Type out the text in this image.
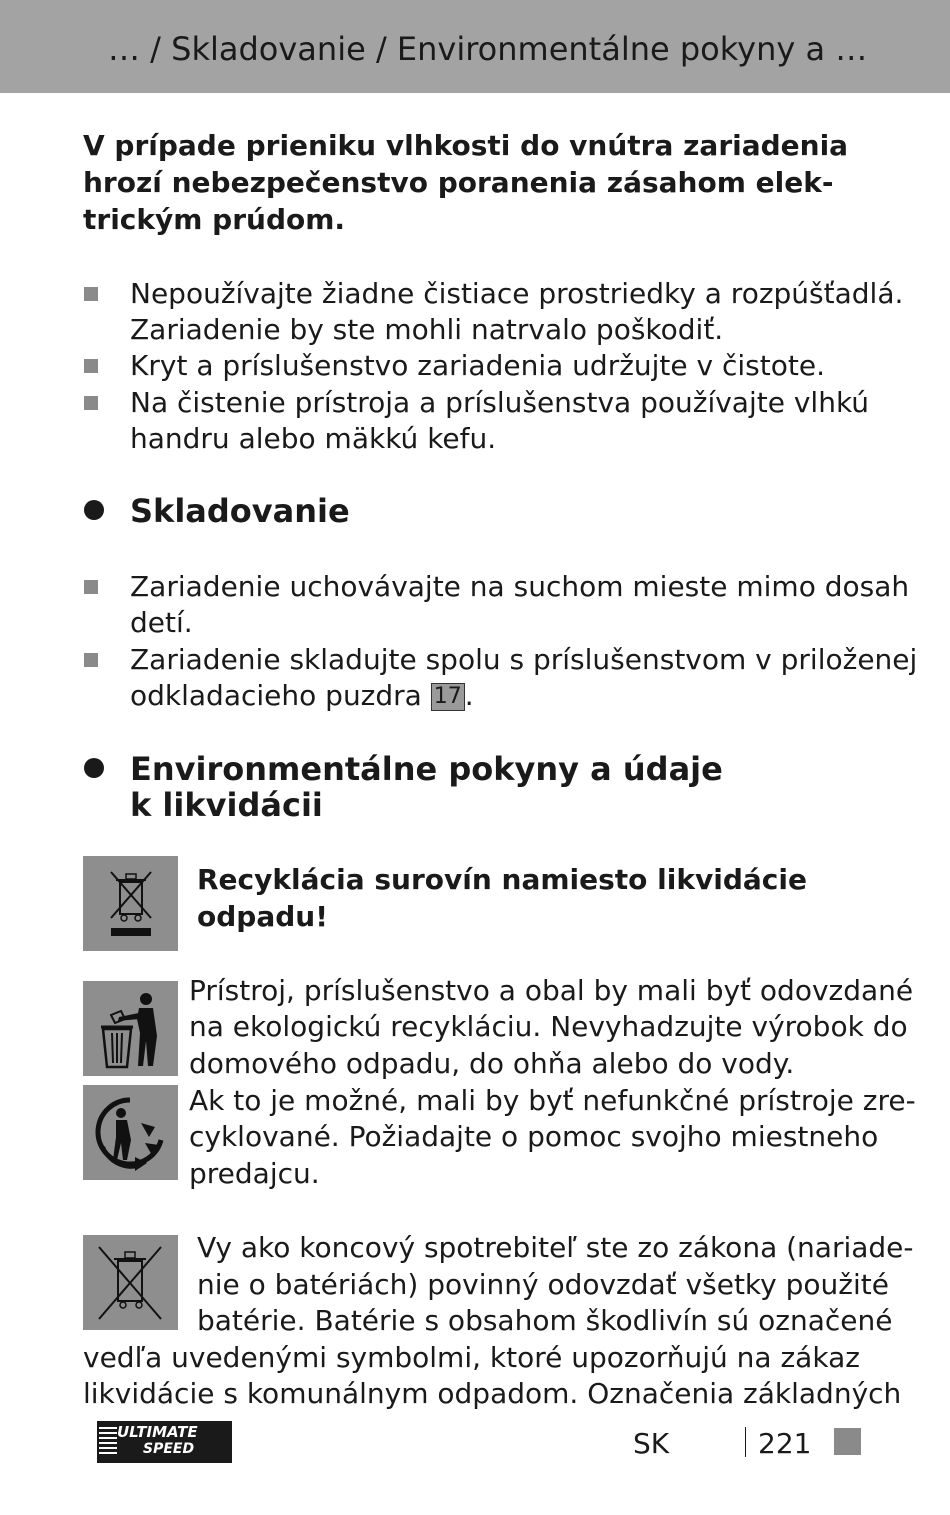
… / Skladovanie / Environmentálne pokyny a …
V prípade prieniku vlhkosti do vnútra zariadenia
hrozí nebezpečenstvo poranenia zásahom elek-
trickým prúdom.
Nepoužívajte žiadne čistiace prostriedky a rozpúšťadlá.
Zariadenie by ste mohli natrvalo poškodiť.
Kryt a príslušenstvo zariadenia udržujte v čistote.
Na čistenie prístroja a príslušenstva používajte vlhkú
handru alebo mäkkú kefu.
Skladovanie
Zariadenie uchovávajte na suchom mieste mimo dosah
detí.
Zariadenie skladujte spolu s príslušenstvom v priloženej
odkladacieho puzdra 17 .
Environmentálne pokyny a údaje
k likvidácii
Recyklácia surovín namiesto likvidácie
odpadu!
Prístroj, príslušenstvo a obal by mali byť odovzdané
na ekologickú recykláciu. Nevyhadzujte výrobok do
domového odpadu, do ohňa alebo do vody.
Ak to je možné, mali by byť nefunkčné prístroje zre-
cyklované. Požiadajte o pomoc svojho miestneho
predajcu.
Vy ako koncový spotrebiteľ ste zo zákona (nariade-
nie o batériách) povinný odovzdať všetky použité
batérie. Batérie s obsahom škodlivín sú označené
vedľa uvedenými symbolmi, ktoré upozorňujú na zákaz
likvidácie s komunálnym odpadom. Označenia základných
ULTIMATE
SPEED	SK	221
